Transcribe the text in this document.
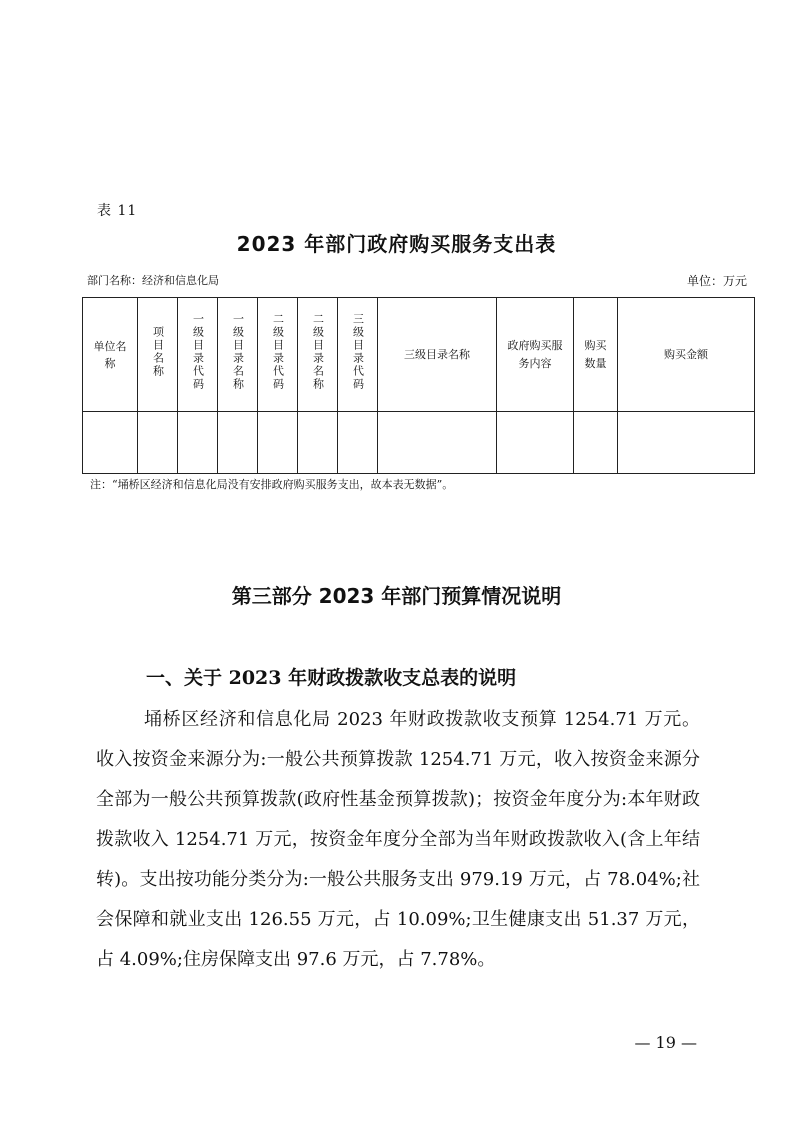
表 11
2023 年部门政府购买服务支出表
部门名称：经济和信息化局	单位：万元
单位名称	项目名称	一级目录代码	一级目录名称	二级目录代码	二级目录名称	三级目录代码	三级目录名称	政府购买服务内容	购买数量	购买金额

注：“埇桥区经济和信息化局没有安排政府购买服务支出，故本表无数据”。
第三部分 2023 年部门预算情况说明
一、关于 2023 年财政拨款收支总表的说明
埇桥区经济和信息化局 2023 年财政拨款收支预算 1254.71 万元。收入按资金来源分为:一般公共预算拨款 1254.71 万元，收入按资金来源分全部为一般公共预算拨款(政府性基金预算拨款)；按资金年度分为:本年财政拨款收入 1254.71 万元，按资金年度分全部为当年财政拨款收入(含上年结转)。支出按功能分类分为:一般公共服务支出 979.19 万元，占 78.04%;社会保障和就业支出 126.55 万元，占 10.09%;卫生健康支出 51.37 万元，占 4.09%;住房保障支出 97.6 万元，占 7.78%。
— 19 —
